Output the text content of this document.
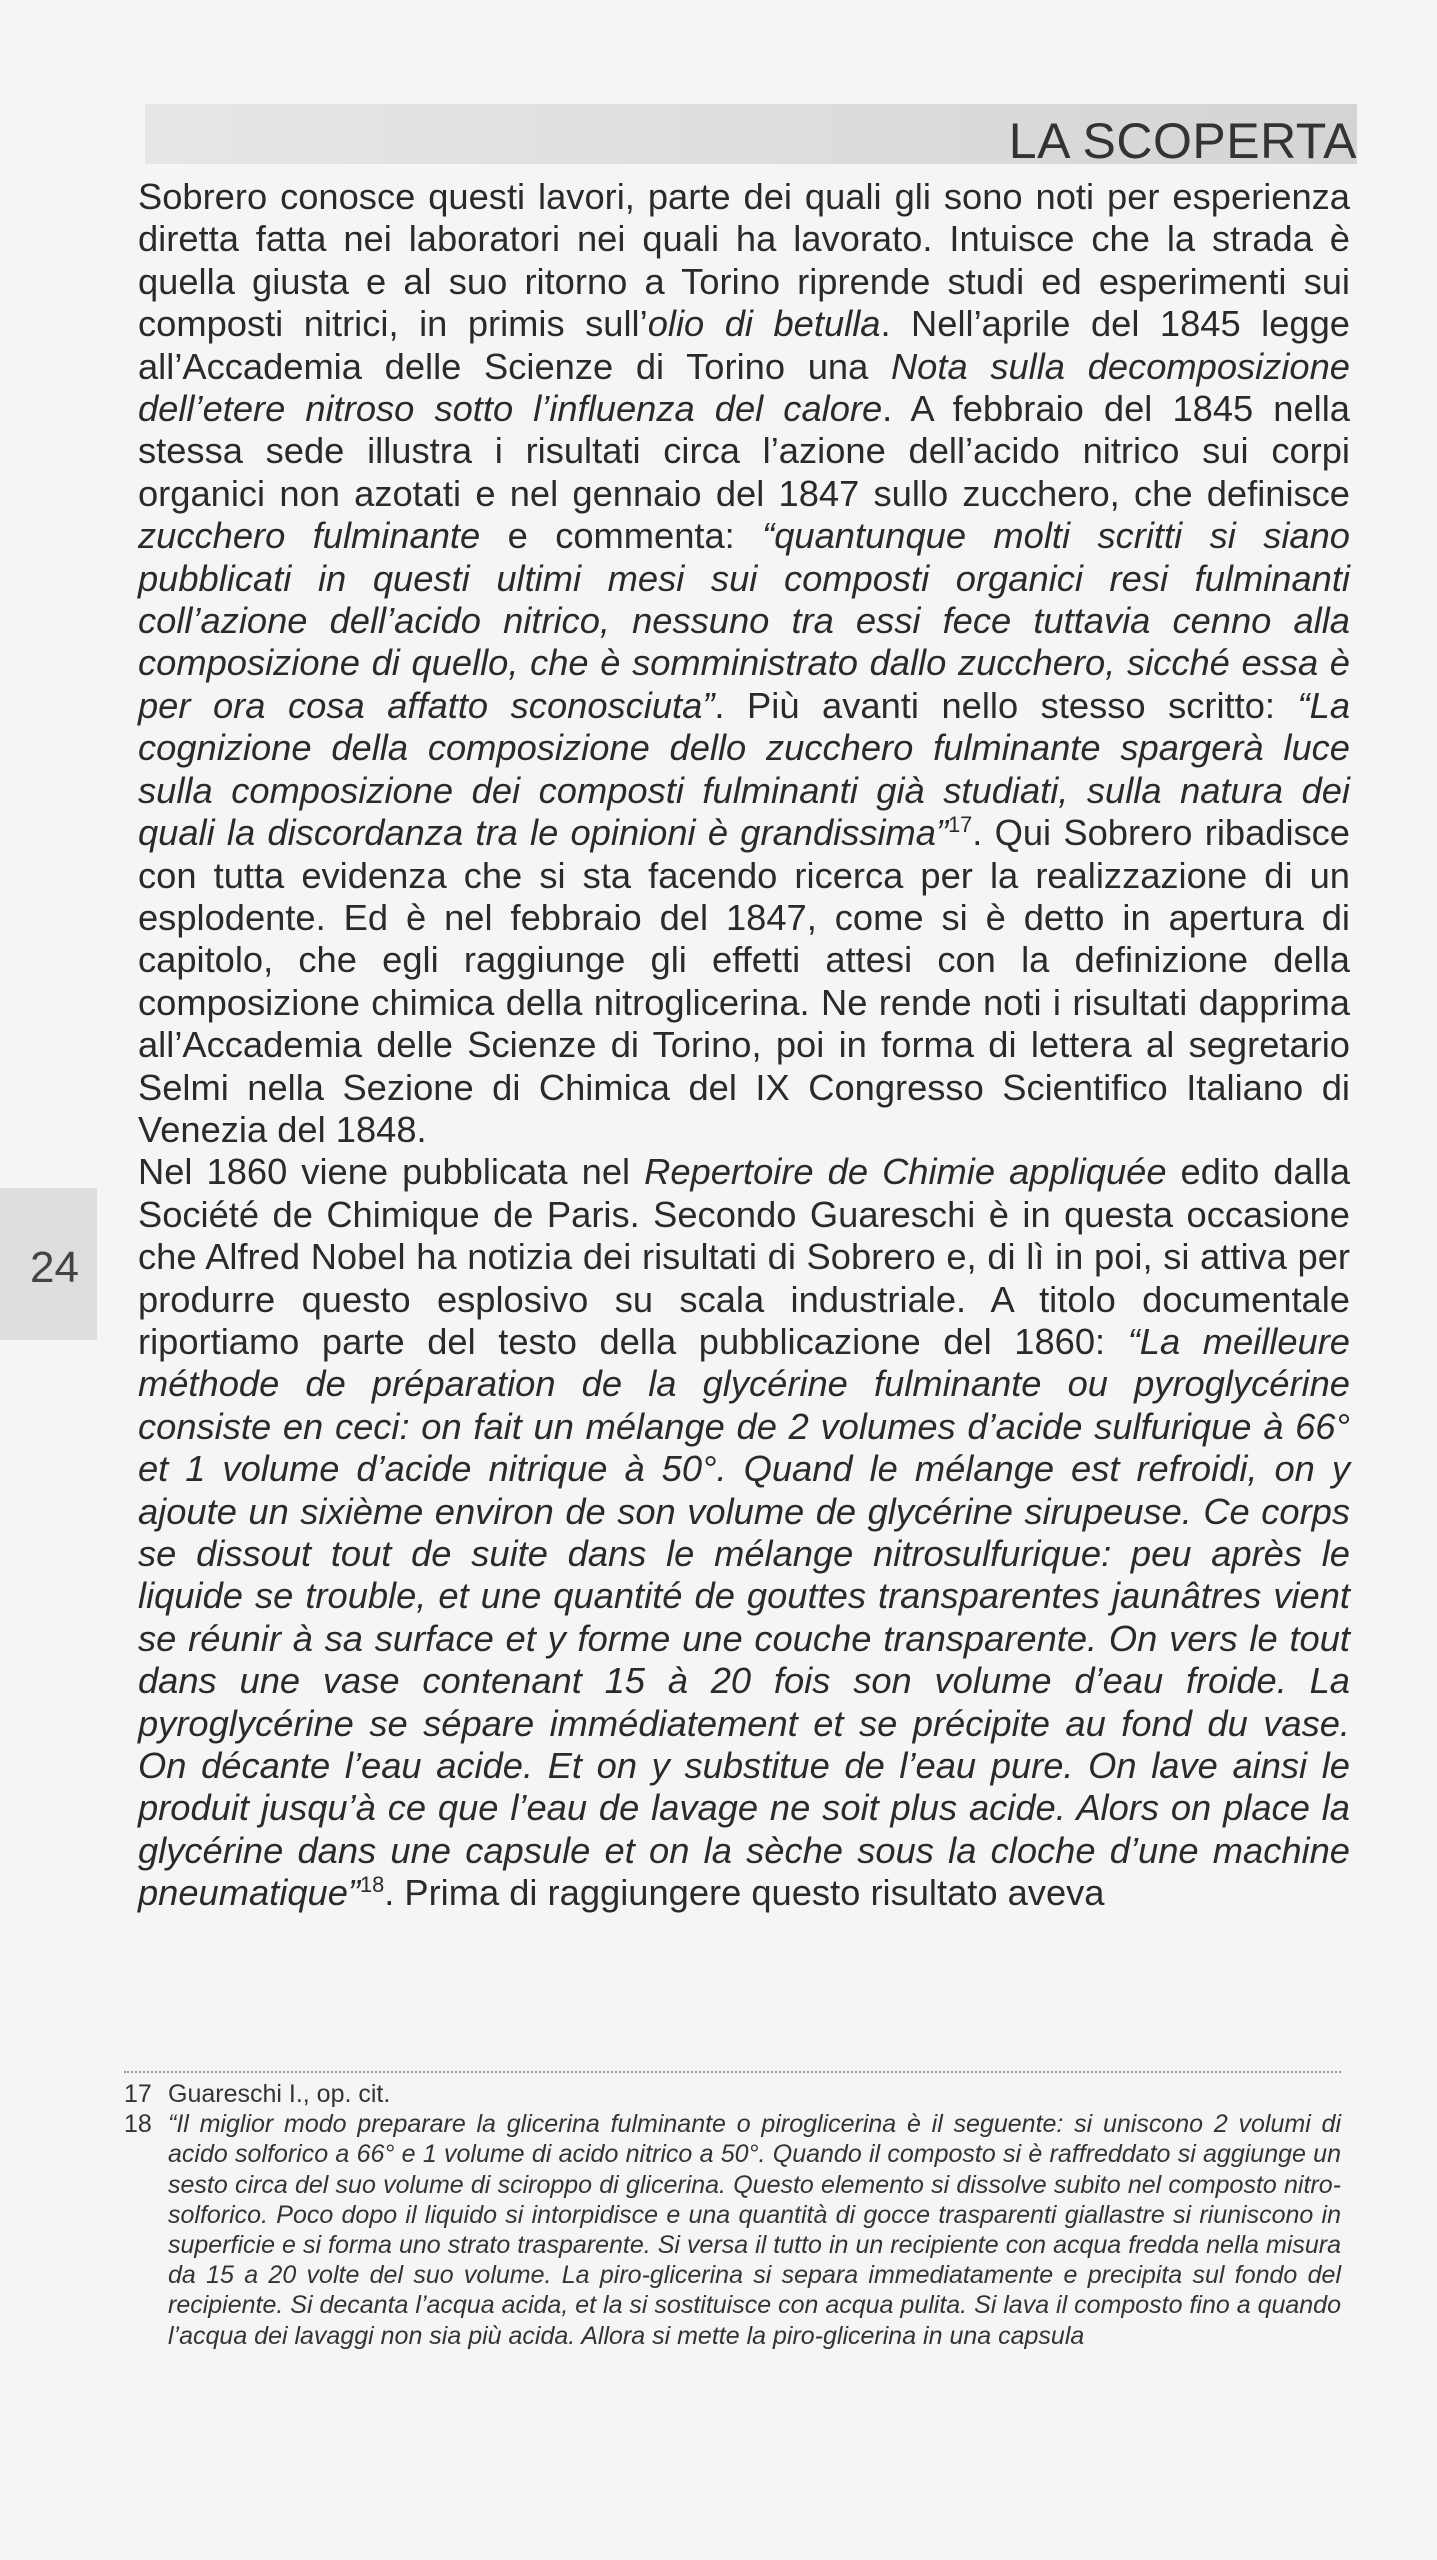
LA SCOPERTA
24

Sobrero conosce questi lavori, parte dei quali gli sono noti per esperienza diretta fatta nei laboratori nei quali ha lavorato. Intuisce che la strada è quella giusta e al suo ritorno a Torino riprende studi ed esperimenti sui composti nitrici, in primis sull’olio di betulla. Nell’aprile del 1845 legge all’Accademia delle Scienze di Torino una Nota sulla decomposizione dell’etere nitroso sotto l’influenza del calore. A febbraio del 1845 nella stessa sede illustra i risultati circa l’azione dell’acido nitrico sui corpi organici non azotati e nel gennaio del 1847 sullo zucchero, che definisce zucchero fulminante e commenta: “quantunque molti scritti si siano pubblicati in questi ultimi mesi sui composti organici resi fulminanti coll’azione dell’acido nitrico, nessuno tra essi fece tuttavia cenno alla composizione di quello, che è somministrato dallo zucchero, sicché essa è per ora cosa affatto sconosciuta”. Più avanti nello stesso scritto: “La cognizione della composizione dello zucchero fulminante spargerà luce sulla composizione dei composti fulminanti già studiati, sulla natura dei quali la discordanza tra le opinioni è grandissima”$^{17}$. Qui Sobrero ribadisce con tutta evidenza che si sta facendo ricerca per la realizzazione di un esplodente. Ed è nel febbraio del 1847, come si è detto in apertura di capitolo, che egli raggiunge gli effetti attesi con la definizione della composizione chimica della nitroglicerina. Ne rende noti i risultati dapprima all’Accademia delle Scienze di Torino, poi in forma di lettera al segretario Selmi nella Sezione di Chimica del IX Congresso Scientifico Italiano di Venezia del 1848.

Nel 1860 viene pubblicata nel Repertoire de Chimie appliquée edito dalla Société de Chimique de Paris. Secondo Guareschi è in questa occasione che Alfred Nobel ha notizia dei risultati di Sobrero e, di lì in poi, si attiva per produrre questo esplosivo su scala industriale. A titolo documentale riportiamo parte del testo della pubblicazione del 1860: “La meilleure méthode de préparation de la glycérine fulminante ou pyroglycérine consiste en ceci: on fait un mélange de 2 volumes d’acide sulfurique à 66° et 1 volume d’acide nitrique à 50°. Quand le mélange est refroidi, on y ajoute un sixième environ de son volume de glycérine sirupeuse. Ce corps se dissout tout de suite dans le mélange nitrosulfurique: peu après le liquide se trouble, et une quantité de gouttes transparentes jaunâtres vient se réunir à sa surface et y forme une couche transparente. On vers le tout dans une vase contenant 15 à 20 fois son volume d’eau froide. La pyroglycérine se sépare immédiatement et se précipite au fond du vase. On décante l’eau acide. Et on y substitue de l’eau pure. On lave ainsi le produit jusqu’à ce que l’eau de lavage ne soit plus acide. Alors on place la glycérine dans une capsule et on la sèche sous la cloche d’une machine pneumatique”$^{18}$. Prima di raggiungere questo risultato aveva

17 Guareschi I., op. cit.
18 “Il miglior modo preparare la glicerina fulminante o piroglicerina è il seguente: si uniscono 2 volumi di acido solforico a 66° e 1 volume di acido nitrico a 50°. Quando il composto si è raffreddato si aggiunge un sesto circa del suo volume di sciroppo di glicerina. Questo elemento si dissolve subito nel composto nitro-solforico. Poco dopo il liquido si intorpidisce e una quantità di gocce trasparenti giallastre si riuniscono in superficie e si forma uno strato trasparente. Si versa il tutto in un recipiente con acqua fredda nella misura da 15 a 20 volte del suo volume. La piro-glicerina si separa immediatamente e precipita sul fondo del recipiente. Si decanta l’acqua acida, et la si sostituisce con acqua pulita. Si lava il composto fino a quando l’acqua dei lavaggi non sia più acida. Allora si mette la piro-glicerina in una capsula
